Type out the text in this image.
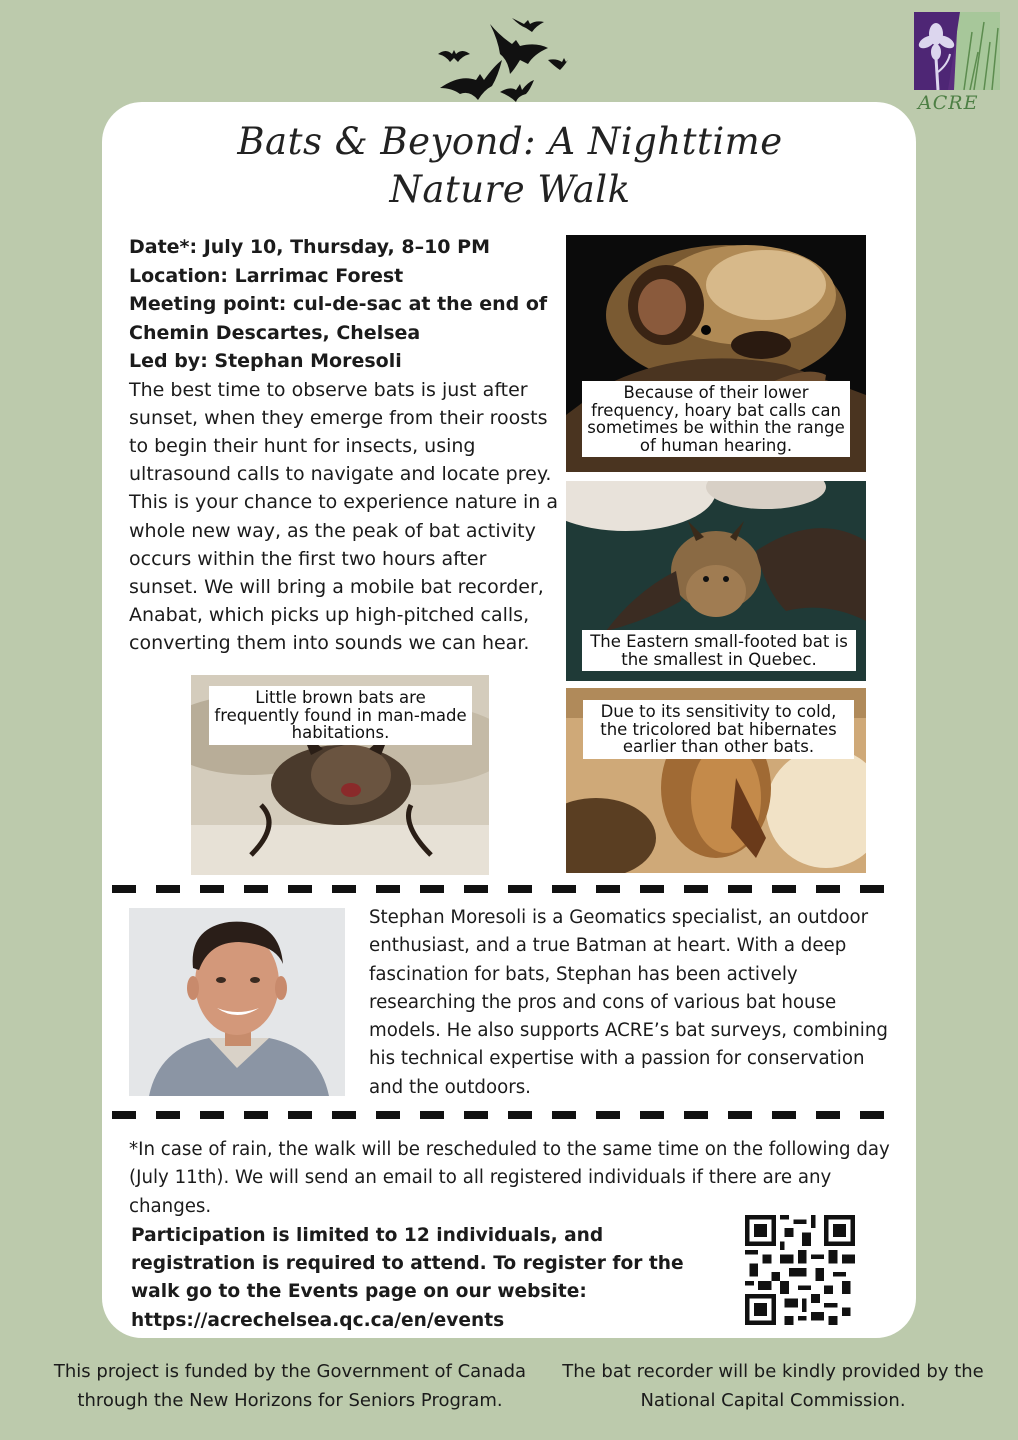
ACRE
Bats & Beyond: A Nighttime
Nature Walk
Date*: July 10, Thursday, 8–10 PM
Location: Larrimac Forest
Meeting point: cul-de-sac at the end of Chemin Descartes, Chelsea
Led by: Stephan Moresoli

The best time to observe bats is just after sunset, when they emerge from their roosts to begin their hunt for insects, using ultrasound calls to navigate and locate prey. This is your chance to experience nature in a whole new way, as the peak of bat activity occurs within the first two hours after sunset. We will bring a mobile bat recorder, Anabat, which picks up high-pitched calls, converting them into sounds we can hear.

Because of their lower frequency, hoary bat calls can sometimes be within the range of human hearing.
The Eastern small-footed bat is the smallest in Quebec.
Due to its sensitivity to cold, the tricolored bat hibernates earlier than other bats.
Little brown bats are frequently found in man-made habitations.

Stephan Moresoli is a Geomatics specialist, an outdoor enthusiast, and a true Batman at heart. With a deep fascination for bats, Stephan has been actively researching the pros and cons of various bat house models. He also supports ACRE’s bat surveys, combining his technical expertise with a passion for conservation and the outdoors.

*In case of rain, the walk will be rescheduled to the same time on the following day (July 11th). We will send an email to all registered individuals if there are any changes.

Participation is limited to 12 individuals, and registration is required to attend. To register for the walk go to the Events page on our website:
https://acrechelsea.qc.ca/en/events

This project is funded by the Government of Canada through the New Horizons for Seniors Program.

The bat recorder will be kindly provided by the National Capital Commission.
